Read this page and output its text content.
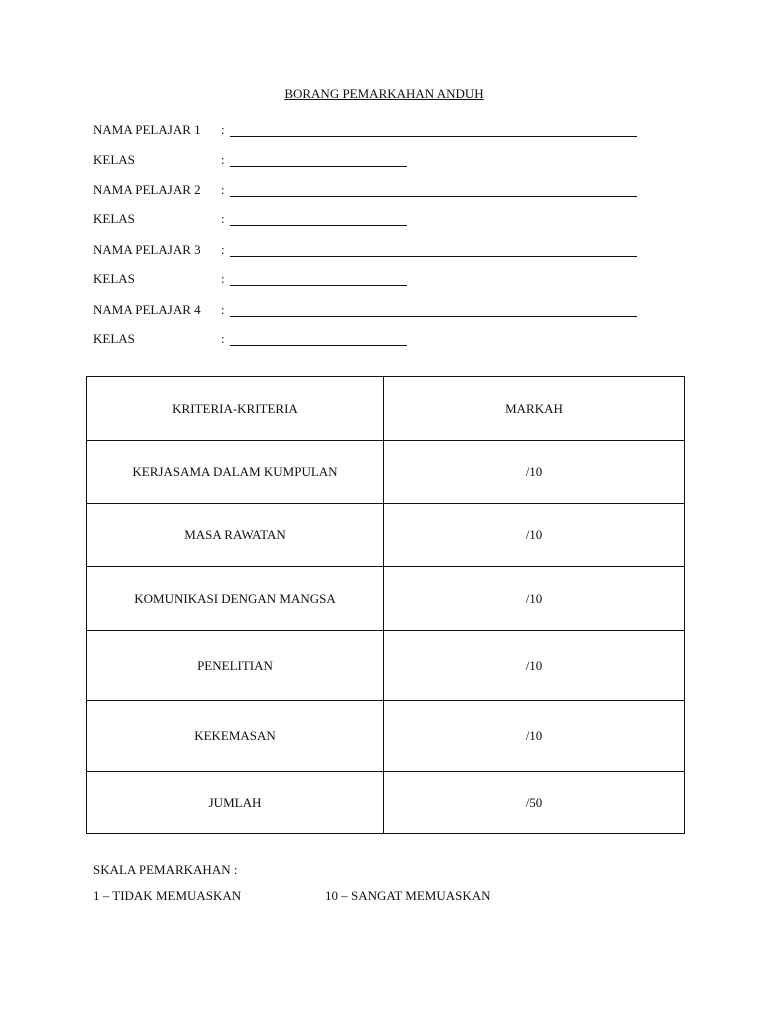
BORANG PEMARKAHAN ANDUH
NAMA PELAJAR 1 :
KELAS	:
NAMA PELAJAR 2 :
KELAS	:
NAMA PELAJAR 3 :
KELAS	:
NAMA PELAJAR 4 :
KELAS	:
KRITERIA-KRITERIA	MARKAH
KERJASAMA DALAM KUMPULAN	/10
MASA RAWATAN	/10
KOMUNIKASI DENGAN MANGSA	/10
PENELITIAN	/10
KEKEMASAN	/10
JUMLAH	/50
SKALA PEMARKAHAN :
1 – TIDAK MEMUASKAN	10 – SANGAT MEMUASKAN
